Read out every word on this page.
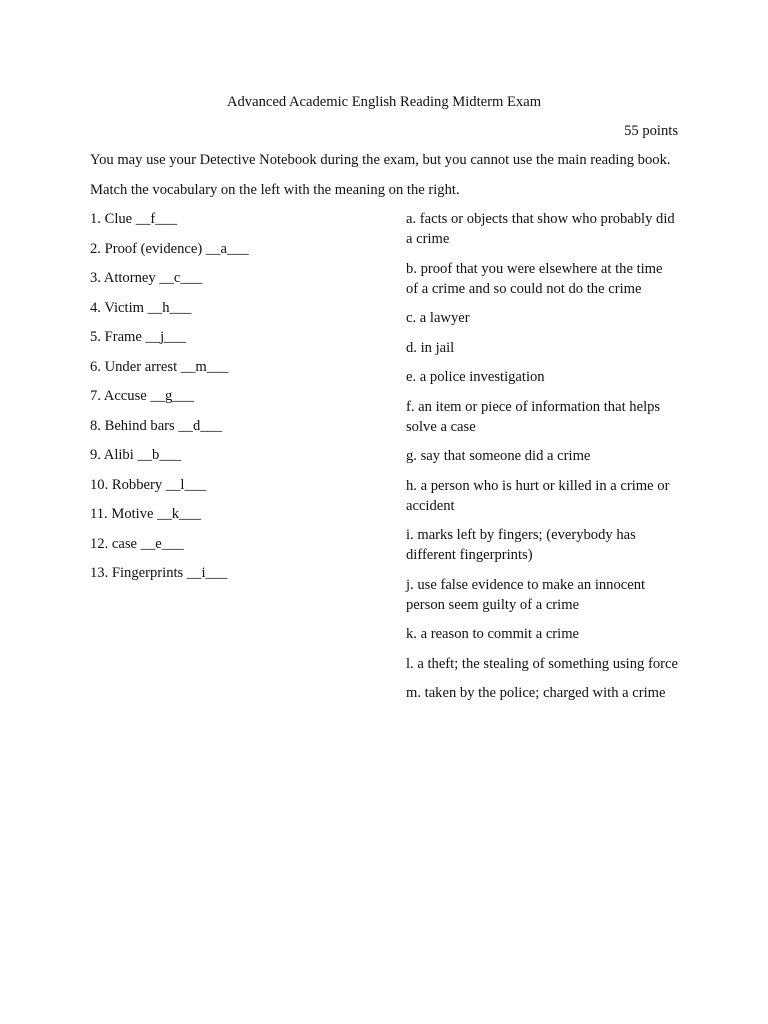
Advanced Academic English Reading Midterm Exam
55 points
You may use your Detective Notebook during the exam, but you cannot use the main reading book.
Match the vocabulary on the left with the meaning on the right.
1. Clue __f___
2. Proof (evidence) __a___
3. Attorney __c___
4. Victim __h___
5. Frame __j___
6. Under arrest __m___
7. Accuse __g___
8. Behind bars __d___
9. Alibi __b___
10. Robbery __l___
11. Motive __k___
12. case __e___
13. Fingerprints __i___
a. facts or objects that show who probably did a crime
b. proof that you were elsewhere at the time of a crime and so could not do the crime
c. a lawyer
d. in jail
e. a police investigation
f. an item or piece of information that helps solve a case
g. say that someone did a crime
h. a person who is hurt or killed in a crime or accident
i. marks left by fingers; (everybody has different fingerprints)
j. use false evidence to make an innocent person seem guilty of a crime
k. a reason to commit a crime
l. a theft; the stealing of something using force
m. taken by the police; charged with a crime
